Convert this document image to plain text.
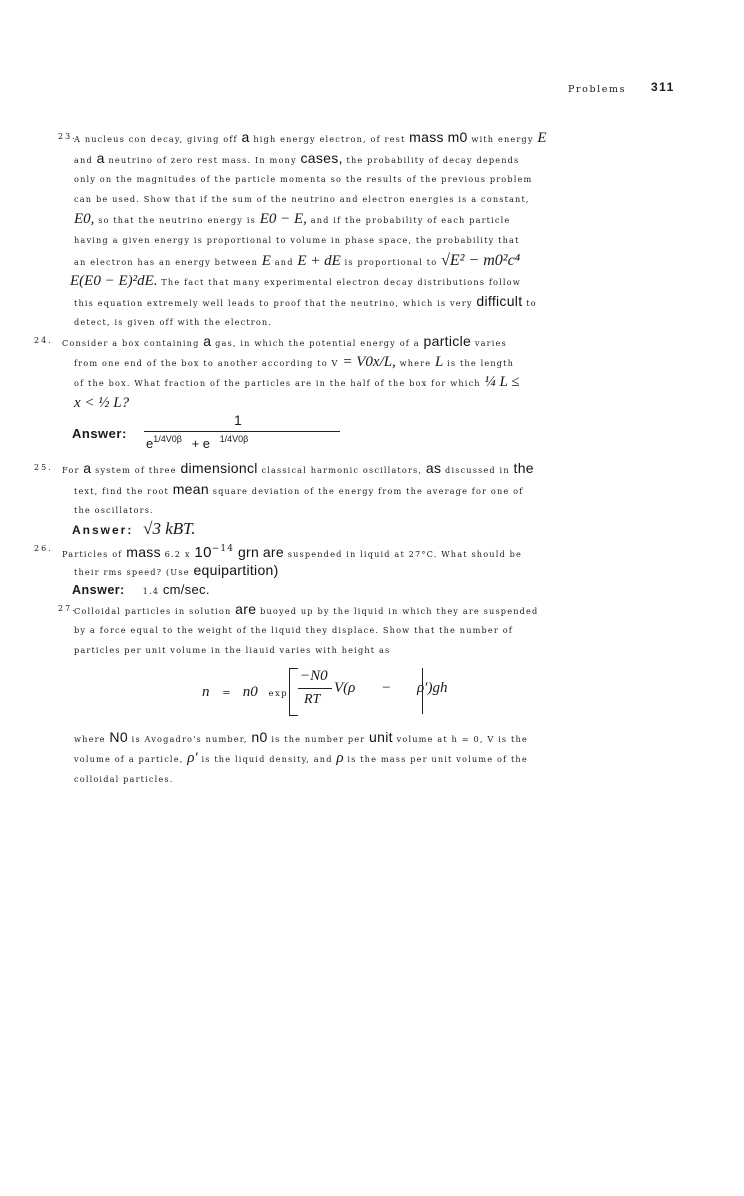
Problems 311
23.
A nucleus con decay, giving off a high energy electron, of rest mass m0 with energy E
and a neutrino of zero rest mass. In mony cases, the probability of decay depends
only on the magnitudes of the particle momenta so the results of the previous problem
can be used. Show that if the sum of the neutrino and electron energies is a constant,
E0, so that the neutrino energy is E0 − E, and if the probability of each particle
having a given energy is proportional to volume in phase space, the probability that
an electron has an energy between E and E + dE is proportional to √E² − m0²c⁴
E(E0 − E)²dE. The fact that many experimental electron decay distributions follow
this equation extremely well leads to proof that the neutrino, which is very difficult to
detect, is given off with the electron.
24. Consider a box containing a gas, in which the potential energy of a particle varies
from one end of the box to another according to V = V0x/L, where L is the length
of the box. What fraction of the particles are in the half of the box for which ¼ L ≤
x < ½ L?
Answer:
1
$e^{1/4V0\beta} + e$ $^{1/4V0\beta}$
25. For a system of three dimensioncl classical harmonic oscillators, as discussed in the
text, find the root mean square deviation of the energy from the average for one of
the oscillators.
Answer: √3 kBT.
26.
Particles of mass 6.2 x $10^{-14}$ grn are suspended in liquid at 27°C. What should be
their rms speed? (Use equipartition)
Answer: 1.4 cm/sec.
27.
Colloidal particles in solution are buoyed up by the liquid in which they are suspended
by a force equal to the weight of the liquid they displace. Show that the number of
particles per unit volume in the liauid varies with height as
n = n0 exp
−N0
RT
V(ρ − ρ′)gh
where N0 is Avogadro's number, n0 is the number per unit volume at h = 0, V is the
volume of a particle, ρ′ is the liquid density, and ρ is the mass per unit volume of the
colloidal particles.
